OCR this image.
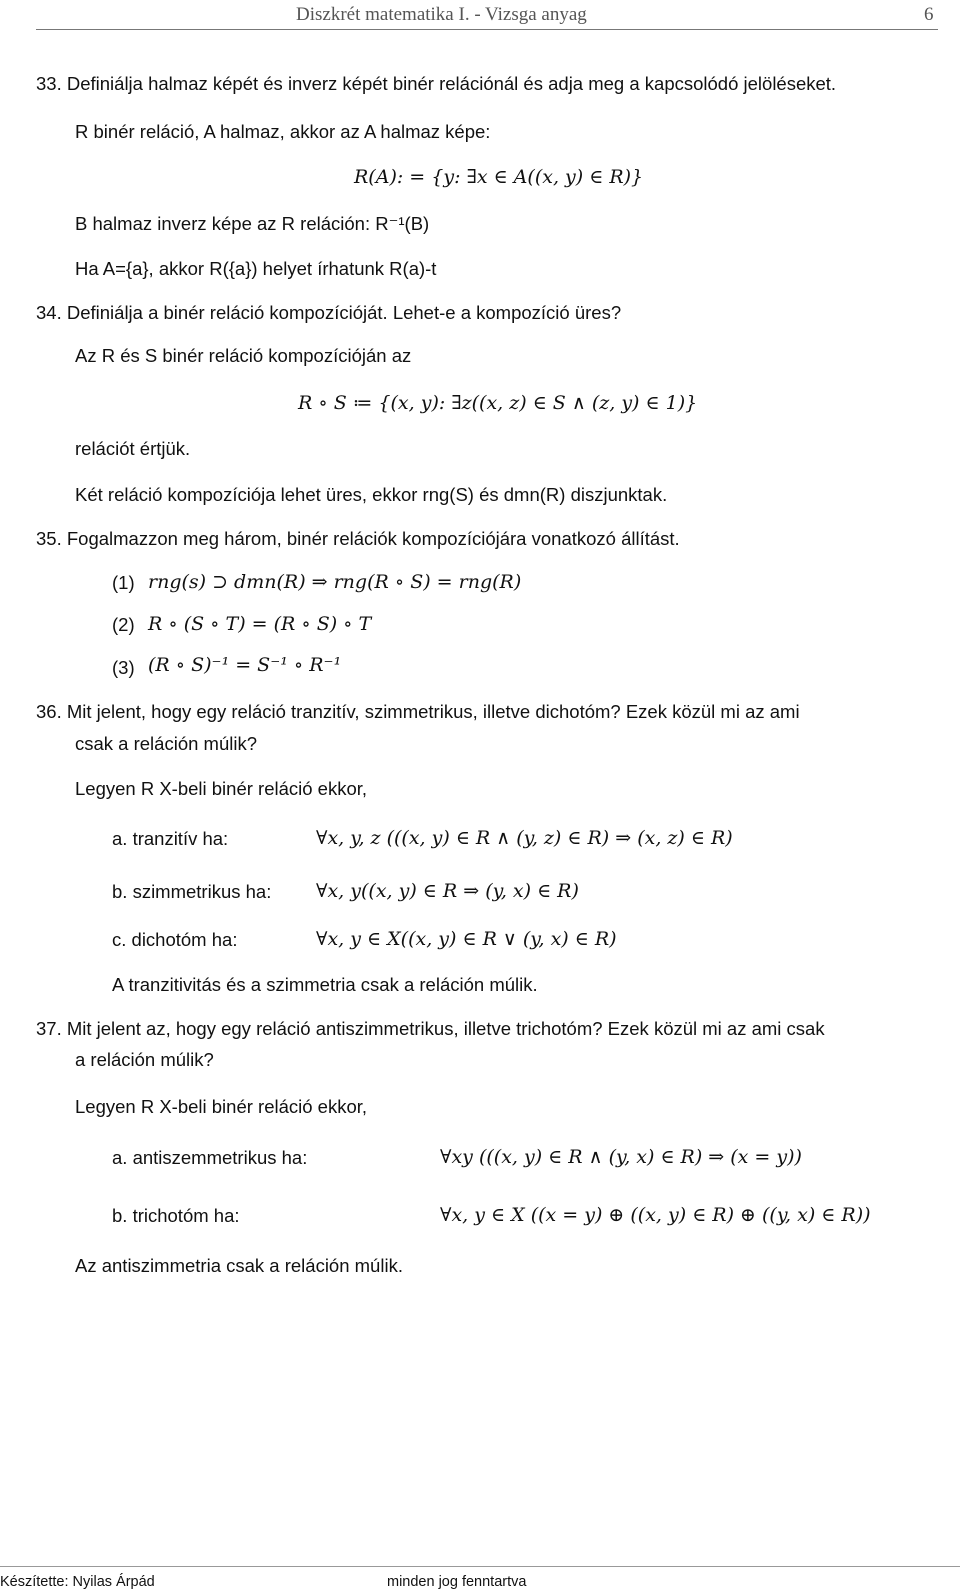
Diszkrét matematika I. - Vizsga anyag	6
33. Definiálja halmaz képét és inverz képét binér relációnál és adja meg a kapcsolódó jelöléseket.
R binér reláció, A halmaz, akkor az A halmaz képe:
R(A): = {y: ∃x ∈ A((x, y) ∈ R)}
B halmaz inverz képe az R reláción: R⁻¹(B)
Ha A={a}, akkor R({a}) helyet írhatunk R(a)-t
34. Definiálja a binér reláció kompozícióját. Lehet-e a kompozíció üres?
Az R és S binér reláció kompozícióján az
R ∘ S ≔ {(x, y): ∃z((x, z) ∈ S ∧ (z, y) ∈ 1)}
relációt értjük.
Két reláció kompozíciója lehet üres, ekkor rng(S) és dmn(R) diszjunktak.
35. Fogalmazzon meg három, binér relációk kompozíciójára vonatkozó állítást.
(1) rng(s) ⊃ dmn(R) ⇒ rng(R ∘ S) = rng(R)
(2) R ∘ (S ∘ T) = (R ∘ S) ∘ T
(3) (R ∘ S)⁻¹ = S⁻¹ ∘ R⁻¹
36. Mit jelent, hogy egy reláció tranzitív, szimmetrikus, illetve dichotóm? Ezek közül mi az ami
csak a reláción múlik?
Legyen R X-beli binér reláció ekkor,
a. tranzitív ha:	∀x, y, z (((x, y) ∈ R ∧ (y, z) ∈ R) ⇒ (x, z) ∈ R)
b. szimmetrikus ha: ∀x, y((x, y) ∈ R ⇒ (y, x) ∈ R)
c. dichotóm ha:	∀x, y ∈ X((x, y) ∈ R ∨ (y, x) ∈ R)
A tranzitivitás és a szimmetria csak a reláción múlik.
37. Mit jelent az, hogy egy reláció antiszimmetrikus, illetve trichotóm? Ezek közül mi az ami csak
a reláción múlik?
Legyen R X-beli binér reláció ekkor,
a. antiszemmetrikus ha:	∀xy (((x, y) ∈ R ∧ (y, x) ∈ R) ⇒ (x = y))
b. trichotóm ha:	∀x, y ∈ X ((x = y) ⊕ ((x, y) ∈ R) ⊕ ((y, x) ∈ R))
Az antiszimmetria csak a reláción múlik.
Készítette: Nyilas Árpád	minden jog fenntartva
